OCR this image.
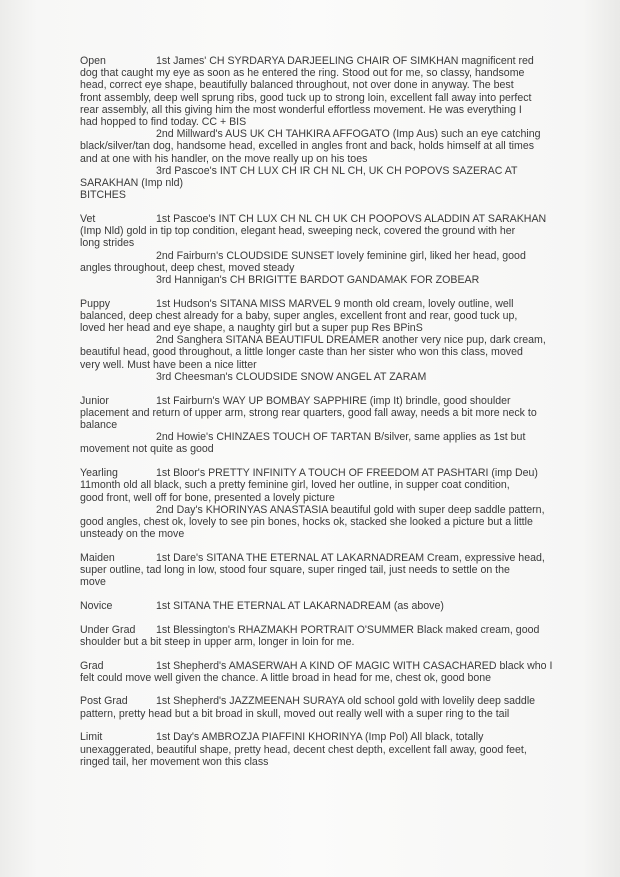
Open	1st James' CH SYRDARYA DARJEELING CHAIR OF SIMKHAN magnificent red
dog that caught my eye as soon as he entered the ring. Stood out for me, so classy, handsome
head, correct eye shape, beautifully balanced throughout, not over done in anyway. The best
front assembly, deep well sprung ribs, good tuck up to strong loin, excellent fall away into perfect
rear assembly, all this giving him the most wonderful effortless movement. He was everything I
had hopped to find today. CC + BIS
2nd Millward's AUS UK CH TAHKIRA AFFOGATO (Imp Aus) such an eye catching
black/silver/tan dog, handsome head, excelled in angles front and back, holds himself at all times
and at one with his handler, on the move really up on his toes
3rd Pascoe's INT CH LUX CH IR CH NL CH, UK CH POPOVS SAZERAC AT
SARAKHAN (Imp nld)
BITCHES
Vet	1st Pascoe's INT CH LUX CH NL CH UK CH POOPOVS ALADDIN AT SARAKHAN
(Imp Nld) gold in tip top condition, elegant head, sweeping neck, covered the ground with her
long strides
2nd Fairburn's CLOUDSIDE SUNSET lovely feminine girl, liked her head, good
angles throughout, deep chest, moved steady
3rd Hannigan's CH BRIGITTE BARDOT GANDAMAK FOR ZOBEAR
Puppy	1st Hudson's SITANA MISS MARVEL 9 month old cream, lovely outline, well
balanced, deep chest already for a baby, super angles, excellent front and rear, good tuck up,
loved her head and eye shape, a naughty girl but a super pup Res BPinS
2nd Sanghera SITANA BEAUTIFUL DREAMER another very nice pup, dark cream,
beautiful head, good throughout, a little longer caste than her sister who won this class, moved
very well. Must have been a nice litter
3rd Cheesman's CLOUDSIDE SNOW ANGEL AT ZARAM
Junior	1st Fairburn's WAY UP BOMBAY SAPPHIRE (imp It) brindle, good shoulder
placement and return of upper arm, strong rear quarters, good fall away, needs a bit more neck to
balance
2nd Howie's CHINZAES TOUCH OF TARTAN B/silver, same applies as 1st but
movement not quite as good
Yearling	1st Bloor's PRETTY INFINITY A TOUCH OF FREEDOM AT PASHTARI (imp Deu)
11month old all black, such a pretty feminine girl, loved her outline, in supper coat condition,
good front, well off for bone, presented a lovely picture
2nd Day's KHORINYAS ANASTASIA beautiful gold with super deep saddle pattern,
good angles, chest ok, lovely to see pin bones, hocks ok, stacked she looked a picture but a little
unsteady on the move
Maiden	1st Dare's SITANA THE ETERNAL AT LAKARNADREAM Cream, expressive head,
super outline, tad long in low, stood four square, super ringed tail, just needs to settle on the
move
Novice	1st SITANA THE ETERNAL AT LAKARNADREAM (as above)
Under Grad 1st Blessington's RHAZMAKH PORTRAIT O'SUMMER Black maked cream, good
shoulder but a bit steep in upper arm, longer in loin for me.
Grad	1st Shepherd's AMASERWAH A KIND OF MAGIC WITH CASACHARED black who I
felt could move well given the chance. A little broad in head for me, chest ok, good bone
Post Grad	1st Shepherd's JAZZMEENAH SURAYA old school gold with lovelily deep saddle
pattern, pretty head but a bit broad in skull, moved out really well with a super ring to the tail
Limit	1st Day's AMBROZJA PIAFFINI KHORINYA (Imp Pol) All black, totally
unexaggerated, beautiful shape, pretty head, decent chest depth, excellent fall away, good feet,
ringed tail, her movement won this class
